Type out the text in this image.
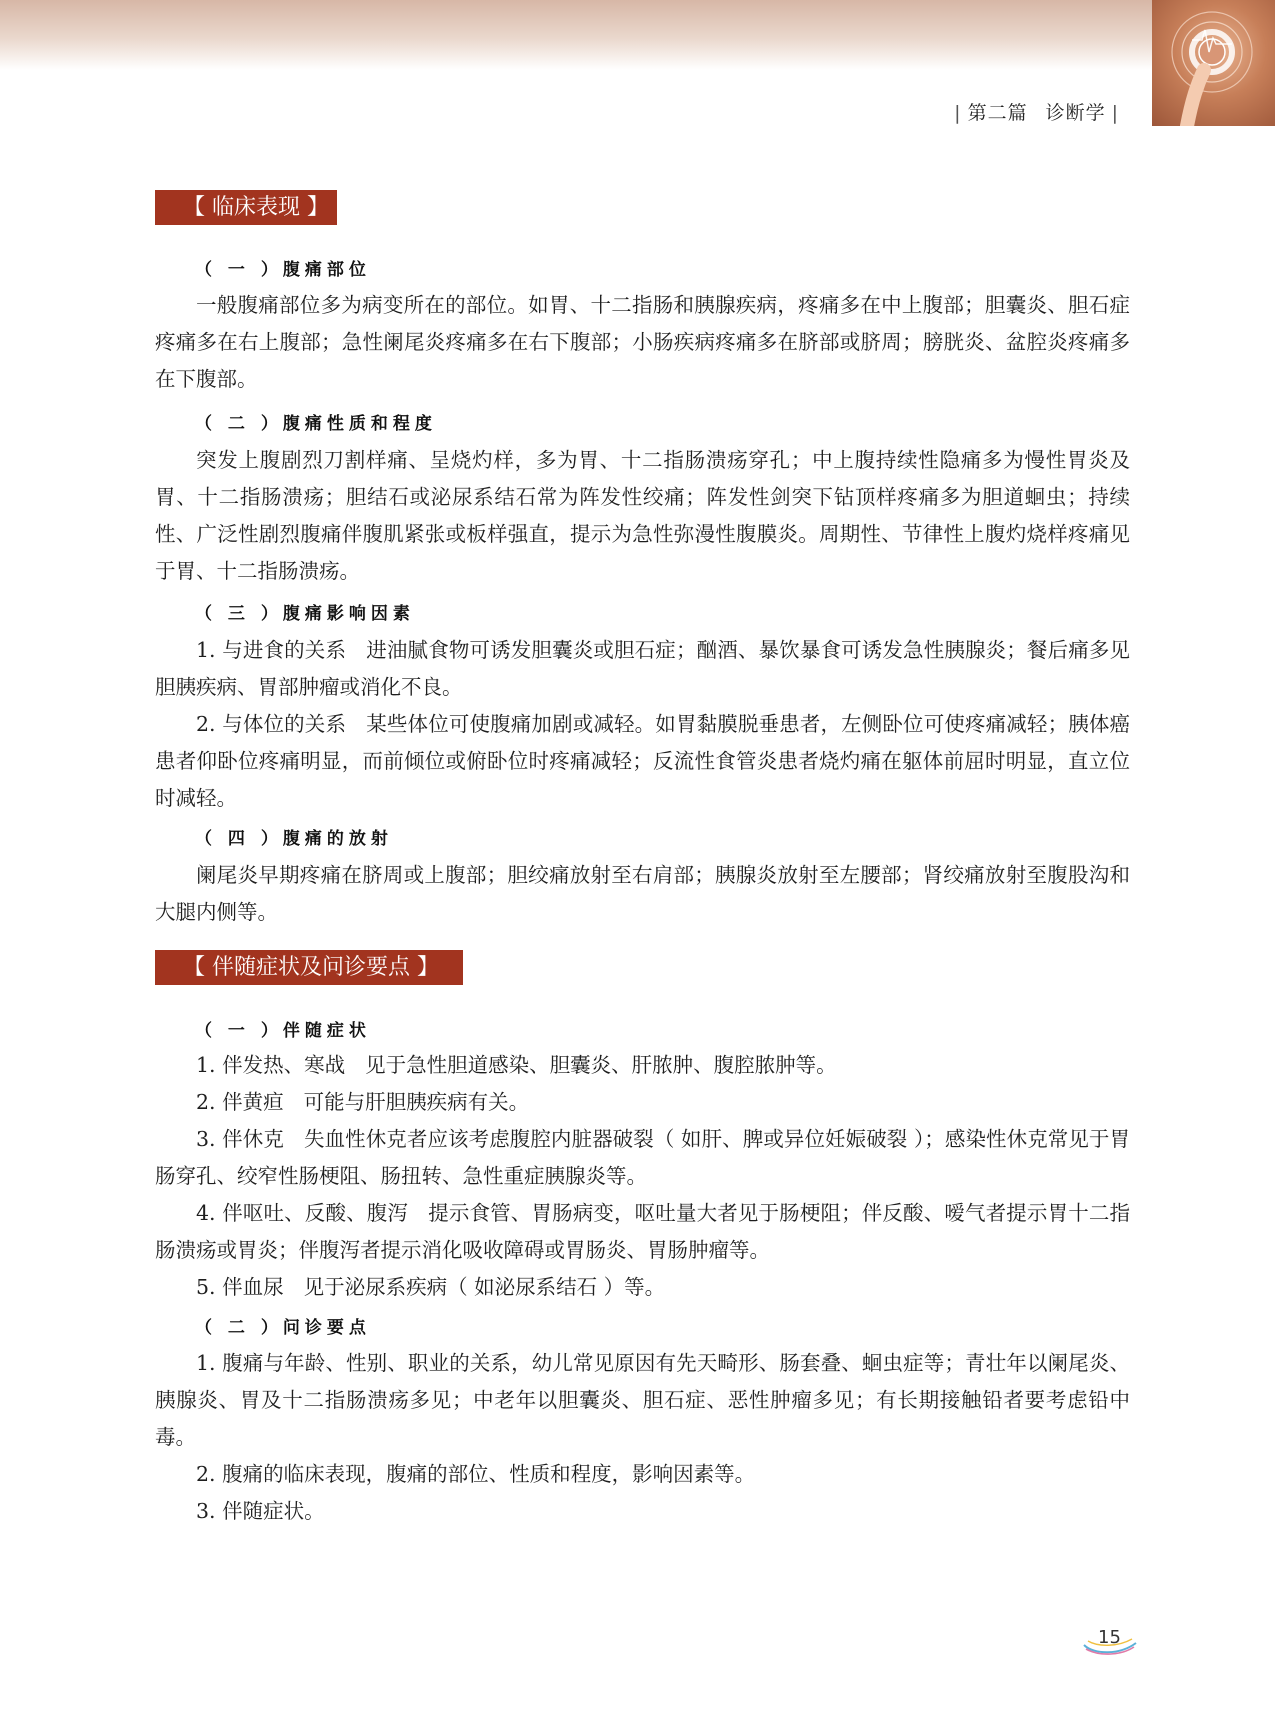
| 第二篇 诊断学 |
【 临床表现 】
（ 一 ）腹痛部位

一般腹痛部位多为病变所在的部位。如胃、十二指肠和胰腺疾病，疼痛多在中上腹部；胆囊炎、胆石症疼痛多在右上腹部；急性阑尾炎疼痛多在右下腹部；小肠疾病疼痛多在脐部或脐周；膀胱炎、盆腔炎疼痛多在下腹部。

（ 二 ）腹痛性质和程度

突发上腹剧烈刀割样痛、呈烧灼样，多为胃、十二指肠溃疡穿孔；中上腹持续性隐痛多为慢性胃炎及胃、十二指肠溃疡；胆结石或泌尿系结石常为阵发性绞痛；阵发性剑突下钻顶样疼痛多为胆道蛔虫；持续性、广泛性剧烈腹痛伴腹肌紧张或板样强直，提示为急性弥漫性腹膜炎。周期性、节律性上腹灼烧样疼痛见于胃、十二指肠溃疡。

（ 三 ）腹痛影响因素

1. 与进食的关系 进油腻食物可诱发胆囊炎或胆石症；酗酒、暴饮暴食可诱发急性胰腺炎；餐后痛多见胆胰疾病、胃部肿瘤或消化不良。

2. 与体位的关系 某些体位可使腹痛加剧或减轻。如胃黏膜脱垂患者，左侧卧位可使疼痛减轻；胰体癌患者仰卧位疼痛明显，而前倾位或俯卧位时疼痛减轻；反流性食管炎患者烧灼痛在躯体前屈时明显，直立位时减轻。

（ 四 ）腹痛的放射

阑尾炎早期疼痛在脐周或上腹部；胆绞痛放射至右肩部；胰腺炎放射至左腰部；肾绞痛放射至腹股沟和大腿内侧等。

【 伴随症状及问诊要点 】
（ 一 ）伴随症状

1. 伴发热、寒战 见于急性胆道感染、胆囊炎、肝脓肿、腹腔脓肿等。

2. 伴黄疸 可能与肝胆胰疾病有关。

3. 伴休克 失血性休克者应该考虑腹腔内脏器破裂（ 如肝、脾或异位妊娠破裂 ）；感染性休克常见于胃肠穿孔、绞窄性肠梗阻、肠扭转、急性重症胰腺炎等。

4. 伴呕吐、反酸、腹泻 提示食管、胃肠病变，呕吐量大者见于肠梗阻；伴反酸、嗳气者提示胃十二指肠溃疡或胃炎；伴腹泻者提示消化吸收障碍或胃肠炎、胃肠肿瘤等。

5. 伴血尿 见于泌尿系疾病（ 如泌尿系结石 ）等。

（ 二 ）问诊要点

1. 腹痛与年龄、性别、职业的关系，幼儿常见原因有先天畸形、肠套叠、蛔虫症等；青壮年以阑尾炎、胰腺炎、胃及十二指肠溃疡多见；中老年以胆囊炎、胆石症、恶性肿瘤多见；有长期接触铅者要考虑铅中毒。

2. 腹痛的临床表现，腹痛的部位、性质和程度，影响因素等。

3. 伴随症状。

15
